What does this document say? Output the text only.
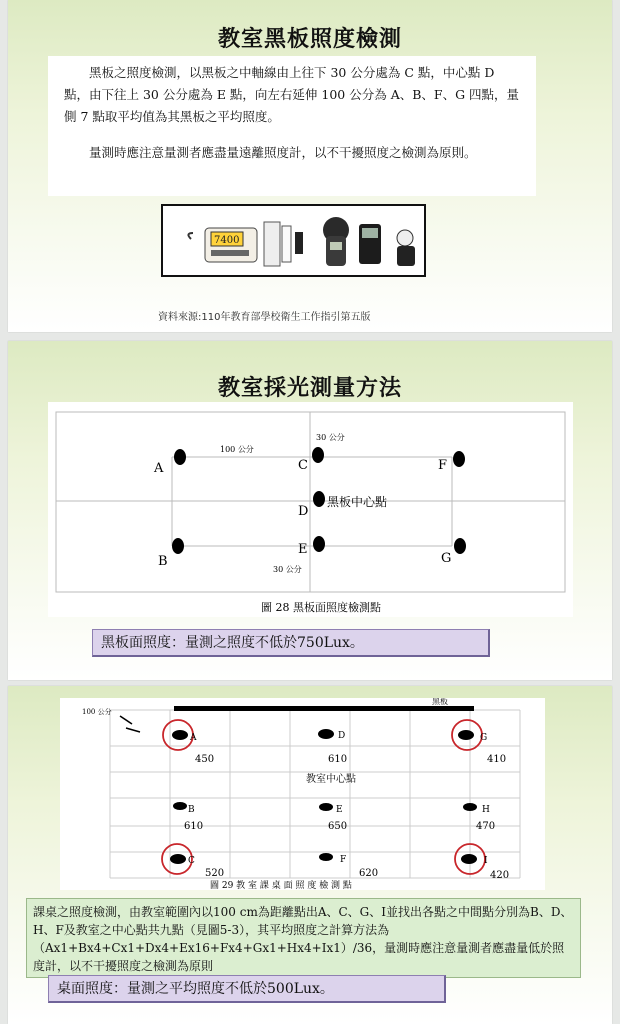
教室黑板照度檢測

黑板之照度檢測，以黑板之中軸線由上往下 30 公分處為 C 點，中心點 D 點，由下往上 30 公分處為 E 點，向左右延伸 100 公分為 A、B、F、G 四點，量側 7 點取平均值為其黑板之平均照度。

量測時應注意量測者應盡量遠離照度計，以不干擾照度之檢測為原則。

7400
資料來源:110年教育部學校衛生工作指引第五版
教室採光測量方法
100 公分
30 公分
30 公分
A
B
C
D
黑板中心點
E
F
G
圖 28 黑板面照度檢測點
黑板面照度：量測之照度不低於750Lux。
黑板
100 公分
教室中心點
A
450
D
610
G
410
B
610
E
650
H
470
C
520
F
620
I
420
圖 29 教 室 課 桌 面 照 度 檢 測 點
課桌之照度檢測，由教室範圍內以100 cm為距離點出A、C、G、I並找出各點之中間點分別為B、D、H、F及教室之中心點共九點（見圖5-3），其平均照度之計算方法為（Ax1+Bx4+Cx1+Dx4+Ex16+Fx4+Gx1+Hx4+Ix1）/36，量測時應注意量測者應盡量低於照度計，以不干擾照度之檢測為原則
桌面照度：量測之平均照度不低於500Lux。
